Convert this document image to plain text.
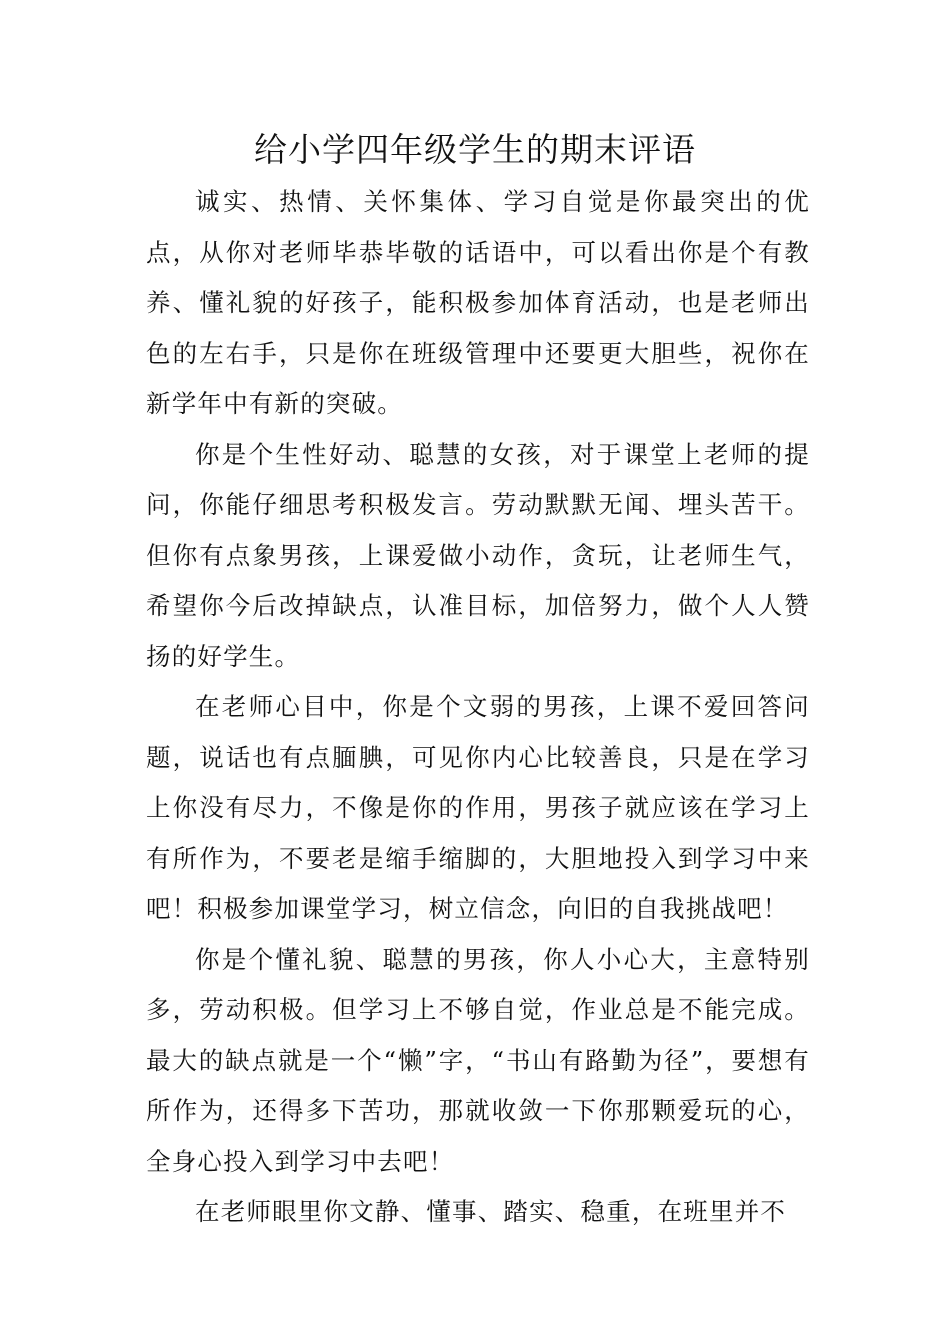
给小学四年级学生的期末评语

诚实、热情、关怀集体、学习自觉是你最突出的优点，从你对老师毕恭毕敬的话语中，可以看出你是个有教养、懂礼貌的好孩子，能积极参加体育活动，也是老师出色的左右手，只是你在班级管理中还要更大胆些，祝你在新学年中有新的突破。

你是个生性好动、聪慧的女孩，对于课堂上老师的提问，你能仔细思考积极发言。劳动默默无闻、埋头苦干。但你有点象男孩，上课爱做小动作，贪玩，让老师生气，希望你今后改掉缺点，认准目标，加倍努力，做个人人赞扬的好学生。

在老师心目中，你是个文弱的男孩，上课不爱回答问题，说话也有点腼腆，可见你内心比较善良，只是在学习上你没有尽力，不像是你的作用，男孩子就应该在学习上有所作为，不要老是缩手缩脚的，大胆地投入到学习中来吧！积极参加课堂学习，树立信念，向旧的自我挑战吧！

你是个懂礼貌、聪慧的男孩，你人小心大，主意特别多，劳动积极。但学习上不够自觉，作业总是不能完成。最大的缺点就是一个“懒”字，“书山有路勤为径”，要想有所作为，还得多下苦功，那就收敛一下你那颗爱玩的心，全身心投入到学习中去吧！

在老师眼里你文静、懂事、踏实、稳重，在班里并不
